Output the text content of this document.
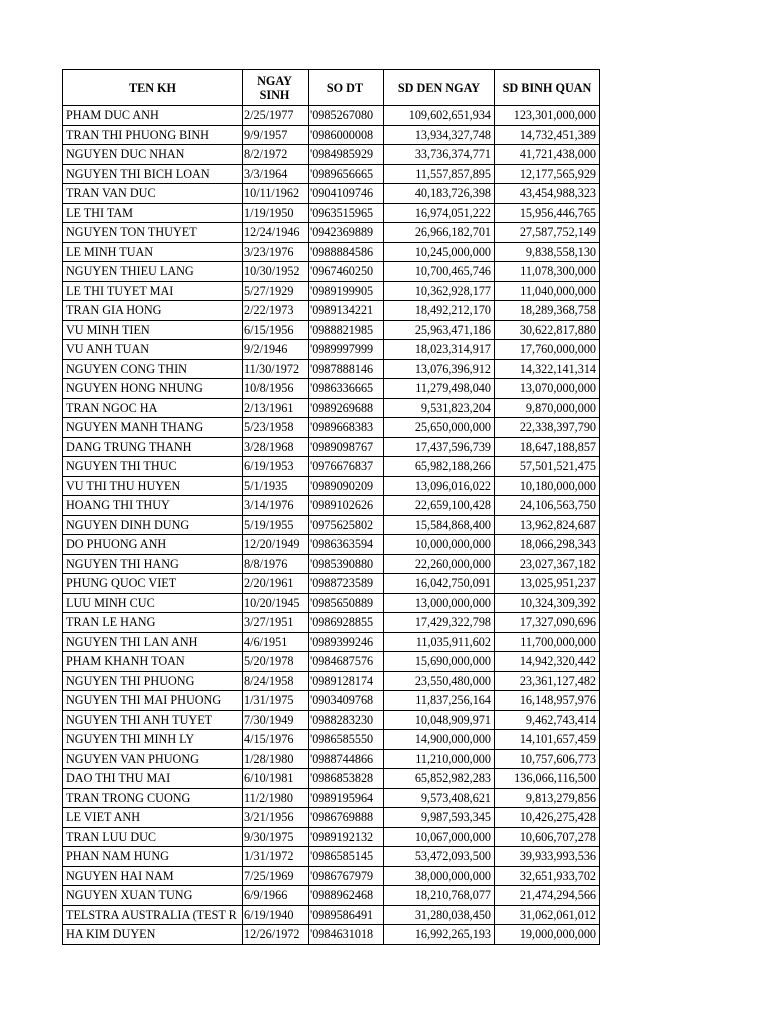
TEN KH	NGAY SINH	SO DT	SD DEN NGAY	SD BINH QUAN
PHAM DUC ANH	2/25/1977	'0985267080	109,602,651,934	123,301,000,000
TRAN THI PHUONG BINH	9/9/1957	'0986000008	13,934,327,748	14,732,451,389
NGUYEN DUC NHAN	8/2/1972	'0984985929	33,736,374,771	41,721,438,000
NGUYEN THI BICH LOAN	3/3/1964	'0989656665	11,557,857,895	12,177,565,929
TRAN VAN DUC	10/11/1962	'0904109746	40,183,726,398	43,454,988,323
LE THI TAM	1/19/1950	'0963515965	16,974,051,222	15,956,446,765
NGUYEN TON THUYET	12/24/1946	'0942369889	26,966,182,701	27,587,752,149
LE MINH TUAN	3/23/1976	'0988884586	10,245,000,000	9,838,558,130
NGUYEN THIEU LANG	10/30/1952	'0967460250	10,700,465,746	11,078,300,000
LE THI TUYET MAI	5/27/1929	'0989199905	10,362,928,177	11,040,000,000
TRAN GIA HONG	2/22/1973	'0989134221	18,492,212,170	18,289,368,758
VU MINH TIEN	6/15/1956	'0988821985	25,963,471,186	30,622,817,880
VU ANH TUAN	9/2/1946	'0989997999	18,023,314,917	17,760,000,000
NGUYEN CONG THIN	11/30/1972	'0987888146	13,076,396,912	14,322,141,314
NGUYEN HONG NHUNG	10/8/1956	'0986336665	11,279,498,040	13,070,000,000
TRAN NGOC HA	2/13/1961	'0989269688	9,531,823,204	9,870,000,000
NGUYEN MANH THANG	5/23/1958	'0989668383	25,650,000,000	22,338,397,790
DANG TRUNG THANH	3/28/1968	'0989098767	17,437,596,739	18,647,188,857
NGUYEN THI THUC	6/19/1953	'0976676837	65,982,188,266	57,501,521,475
VU THI THU HUYEN	5/1/1935	'0989090209	13,096,016,022	10,180,000,000
HOANG THI THUY	3/14/1976	'0989102626	22,659,100,428	24,106,563,750
NGUYEN DINH DUNG	5/19/1955	'0975625802	15,584,868,400	13,962,824,687
DO PHUONG ANH	12/20/1949	'0986363594	10,000,000,000	18,066,298,343
NGUYEN THI HANG	8/8/1976	'0985390880	22,260,000,000	23,027,367,182
PHUNG QUOC VIET	2/20/1961	'0988723589	16,042,750,091	13,025,951,237
LUU MINH CUC	10/20/1945	'0985650889	13,000,000,000	10,324,309,392
TRAN LE HANG	3/27/1951	'0986928855	17,429,322,798	17,327,090,696
NGUYEN THI LAN ANH	4/6/1951	'0989399246	11,035,911,602	11,700,000,000
PHAM KHANH TOAN	5/20/1978	'0984687576	15,690,000,000	14,942,320,442
NGUYEN THI PHUONG	8/24/1958	'0989128174	23,550,480,000	23,361,127,482
NGUYEN THI MAI PHUONG	1/31/1975	'0903409768	11,837,256,164	16,148,957,976
NGUYEN THI ANH TUYET	7/30/1949	'0988283230	10,048,909,971	9,462,743,414
NGUYEN THI MINH LY	4/15/1976	'0986585550	14,900,000,000	14,101,657,459
NGUYEN VAN PHUONG	1/28/1980	'0988744866	11,210,000,000	10,757,606,773
DAO THI THU MAI	6/10/1981	'0986853828	65,852,982,283	136,066,116,500
TRAN TRONG CUONG	11/2/1980	'0989195964	9,573,408,621	9,813,279,856
LE VIET ANH	3/21/1956	'0986769888	9,987,593,345	10,426,275,428
TRAN LUU DUC	9/30/1975	'0989192132	10,067,000,000	10,606,707,278
PHAN NAM HUNG	1/31/1972	'0986585145	53,472,093,500	39,933,993,536
NGUYEN HAI NAM	7/25/1969	'0986767979	38,000,000,000	32,651,933,702
NGUYEN XUAN TUNG	6/9/1966	'0988962468	18,210,768,077	21,474,294,566
TELSTRA AUSTRALIA (TEST R	6/19/1940	'0989586491	31,280,038,450	31,062,061,012
HA KIM DUYEN	12/26/1972	'0984631018	16,992,265,193	19,000,000,000
